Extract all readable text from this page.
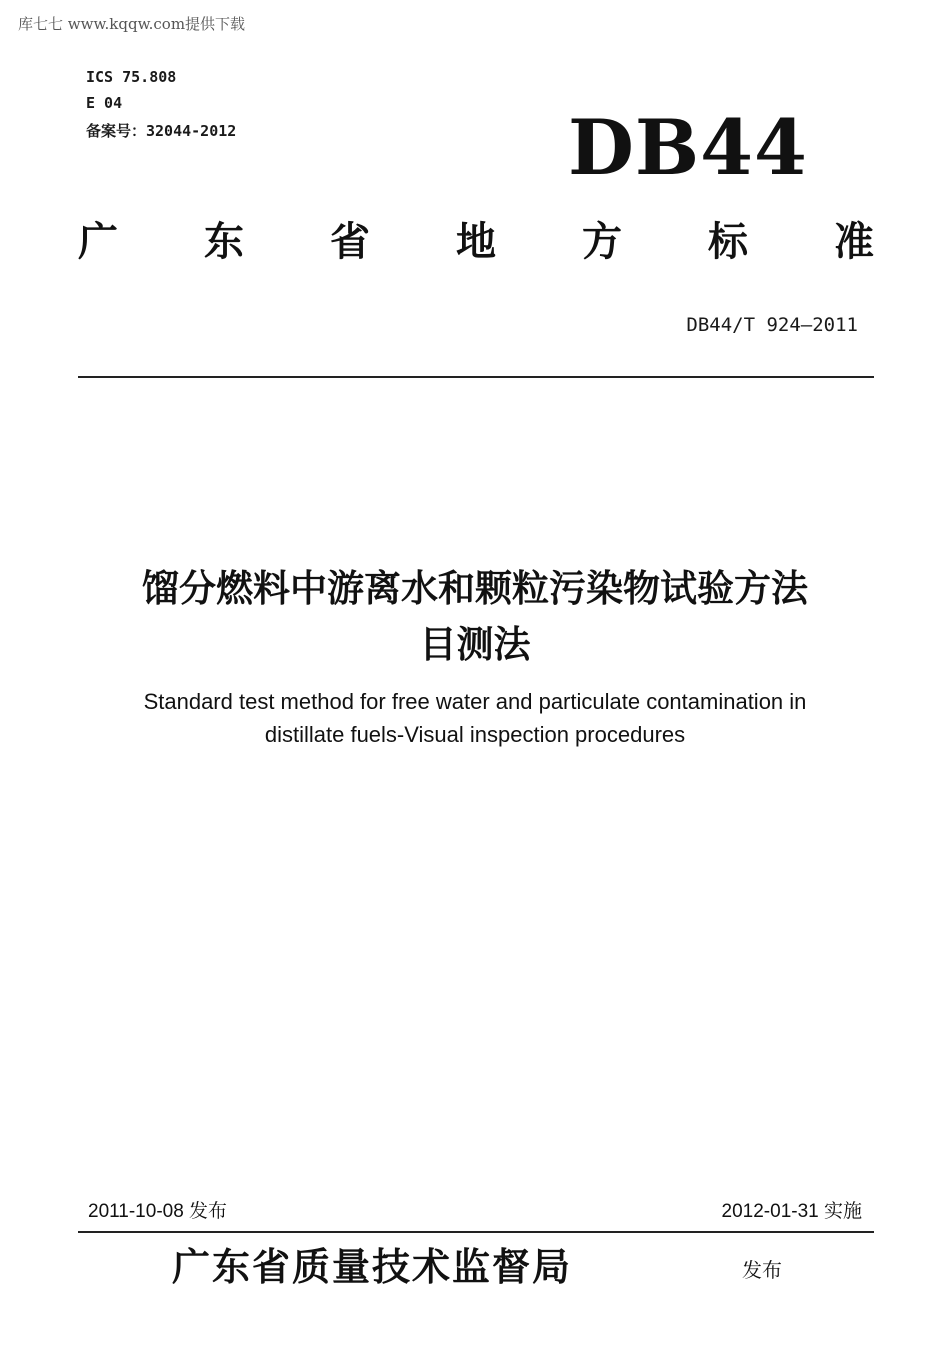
库七七 www.kqqw.com提供下载
ICS 75.808
E 04
备案号：32044-2012	DB44
广 东 省 地 方 标 准
DB44/T 924—2011
馏分燃料中游离水和颗粒污染物试验方法
目测法
Standard test method for free water and particulate contamination in
distillate fuels-Visual inspection procedures
2011-10-08 发布	2012-01-31 实施
广东省质量技术监督局	发布
